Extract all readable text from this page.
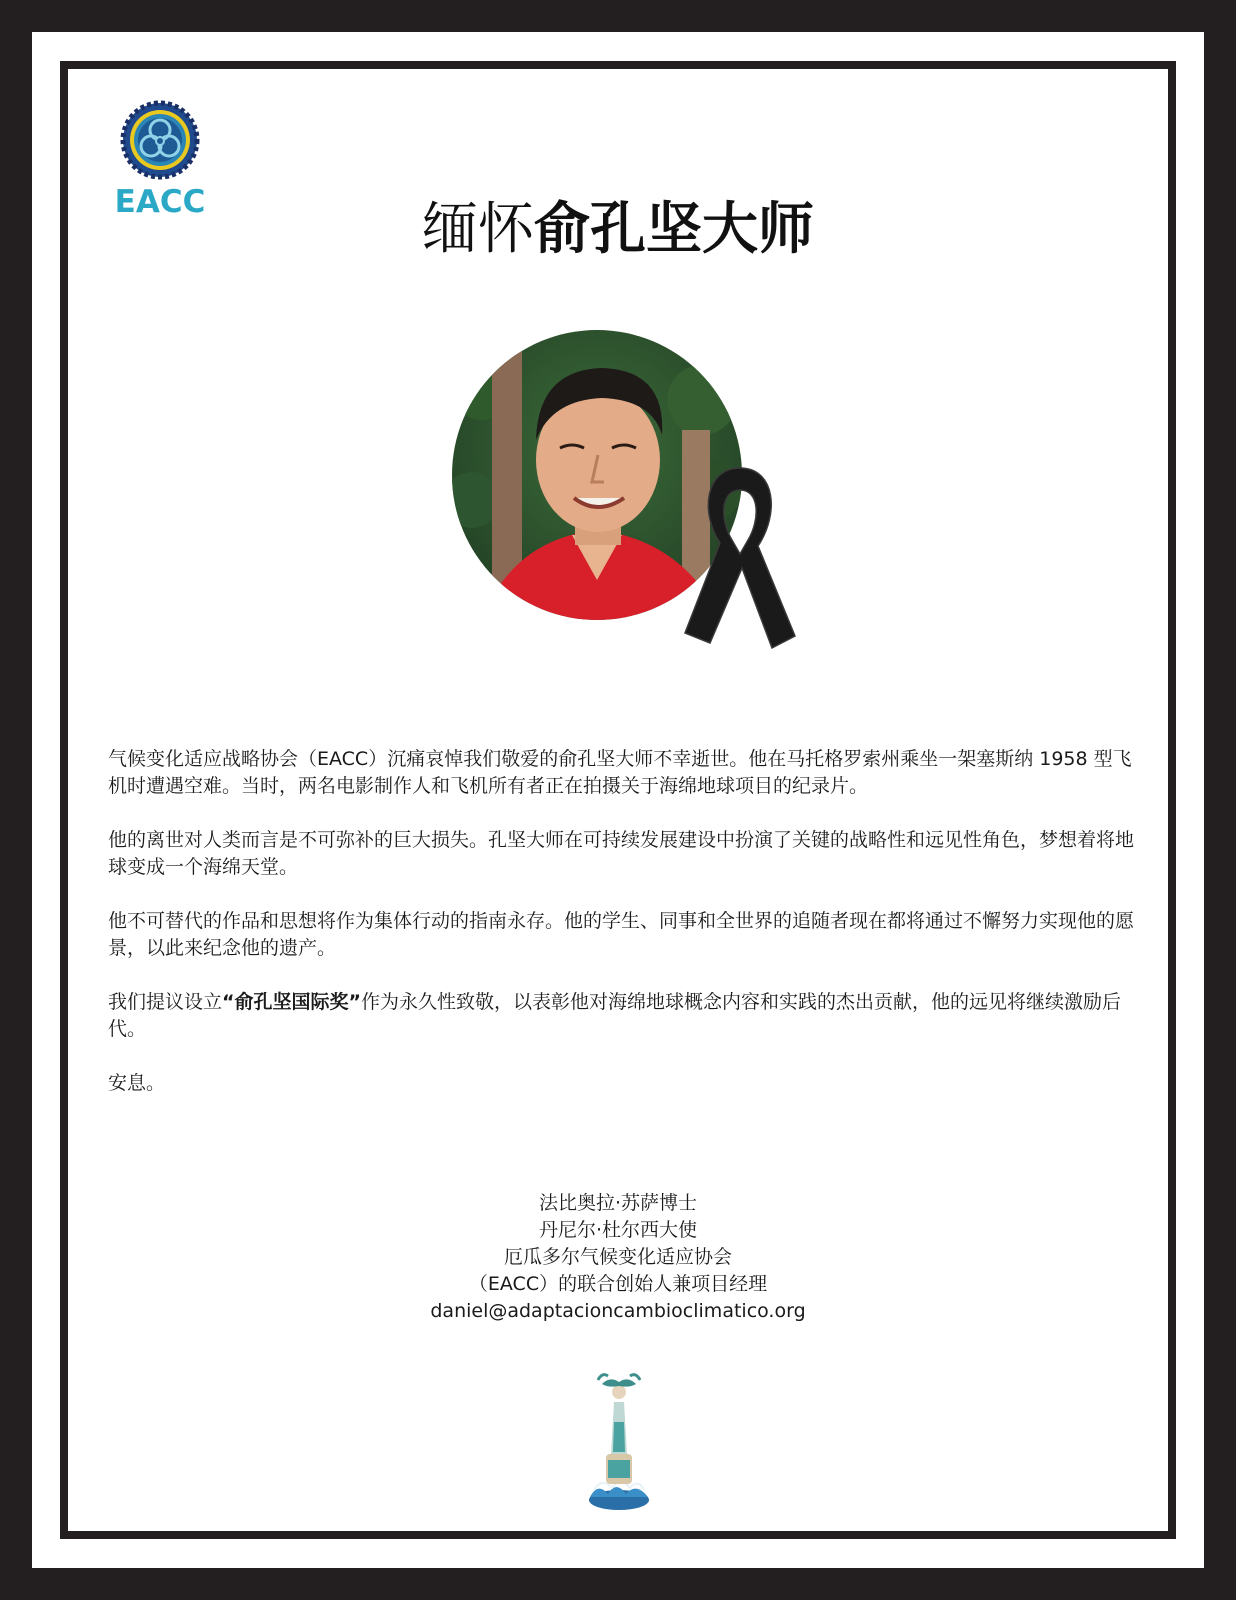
EACC	缅怀俞孔坚大师

气候变化适应战略协会（EACC）沉痛哀悼我们敬爱的俞孔坚大师不幸逝世。他在马托格罗索州乘坐一架塞斯纳 1958 型飞机时遭遇空难。当时，两名电影制作人和飞机所有者正在拍摄关于海绵地球项目的纪录片。

他的离世对人类而言是不可弥补的巨大损失。孔坚大师在可持续发展建设中扮演了关键的战略性和远见性角色，梦想着将地球变成一个海绵天堂。

他不可替代的作品和思想将作为集体行动的指南永存。他的学生、同事和全世界的追随者现在都将通过不懈努力实现他的愿景，以此来纪念他的遗产。

我们提议设立“俞孔坚国际奖”作为永久性致敬，以表彰他对海绵地球概念内容和实践的杰出贡献，他的远见将继续激励后代。

安息。

法比奥拉·苏萨博士
丹尼尔·杜尔西大使
厄瓜多尔气候变化适应协会
（EACC）的联合创始人兼项目经理
daniel@adaptacioncambioclimatico.org
